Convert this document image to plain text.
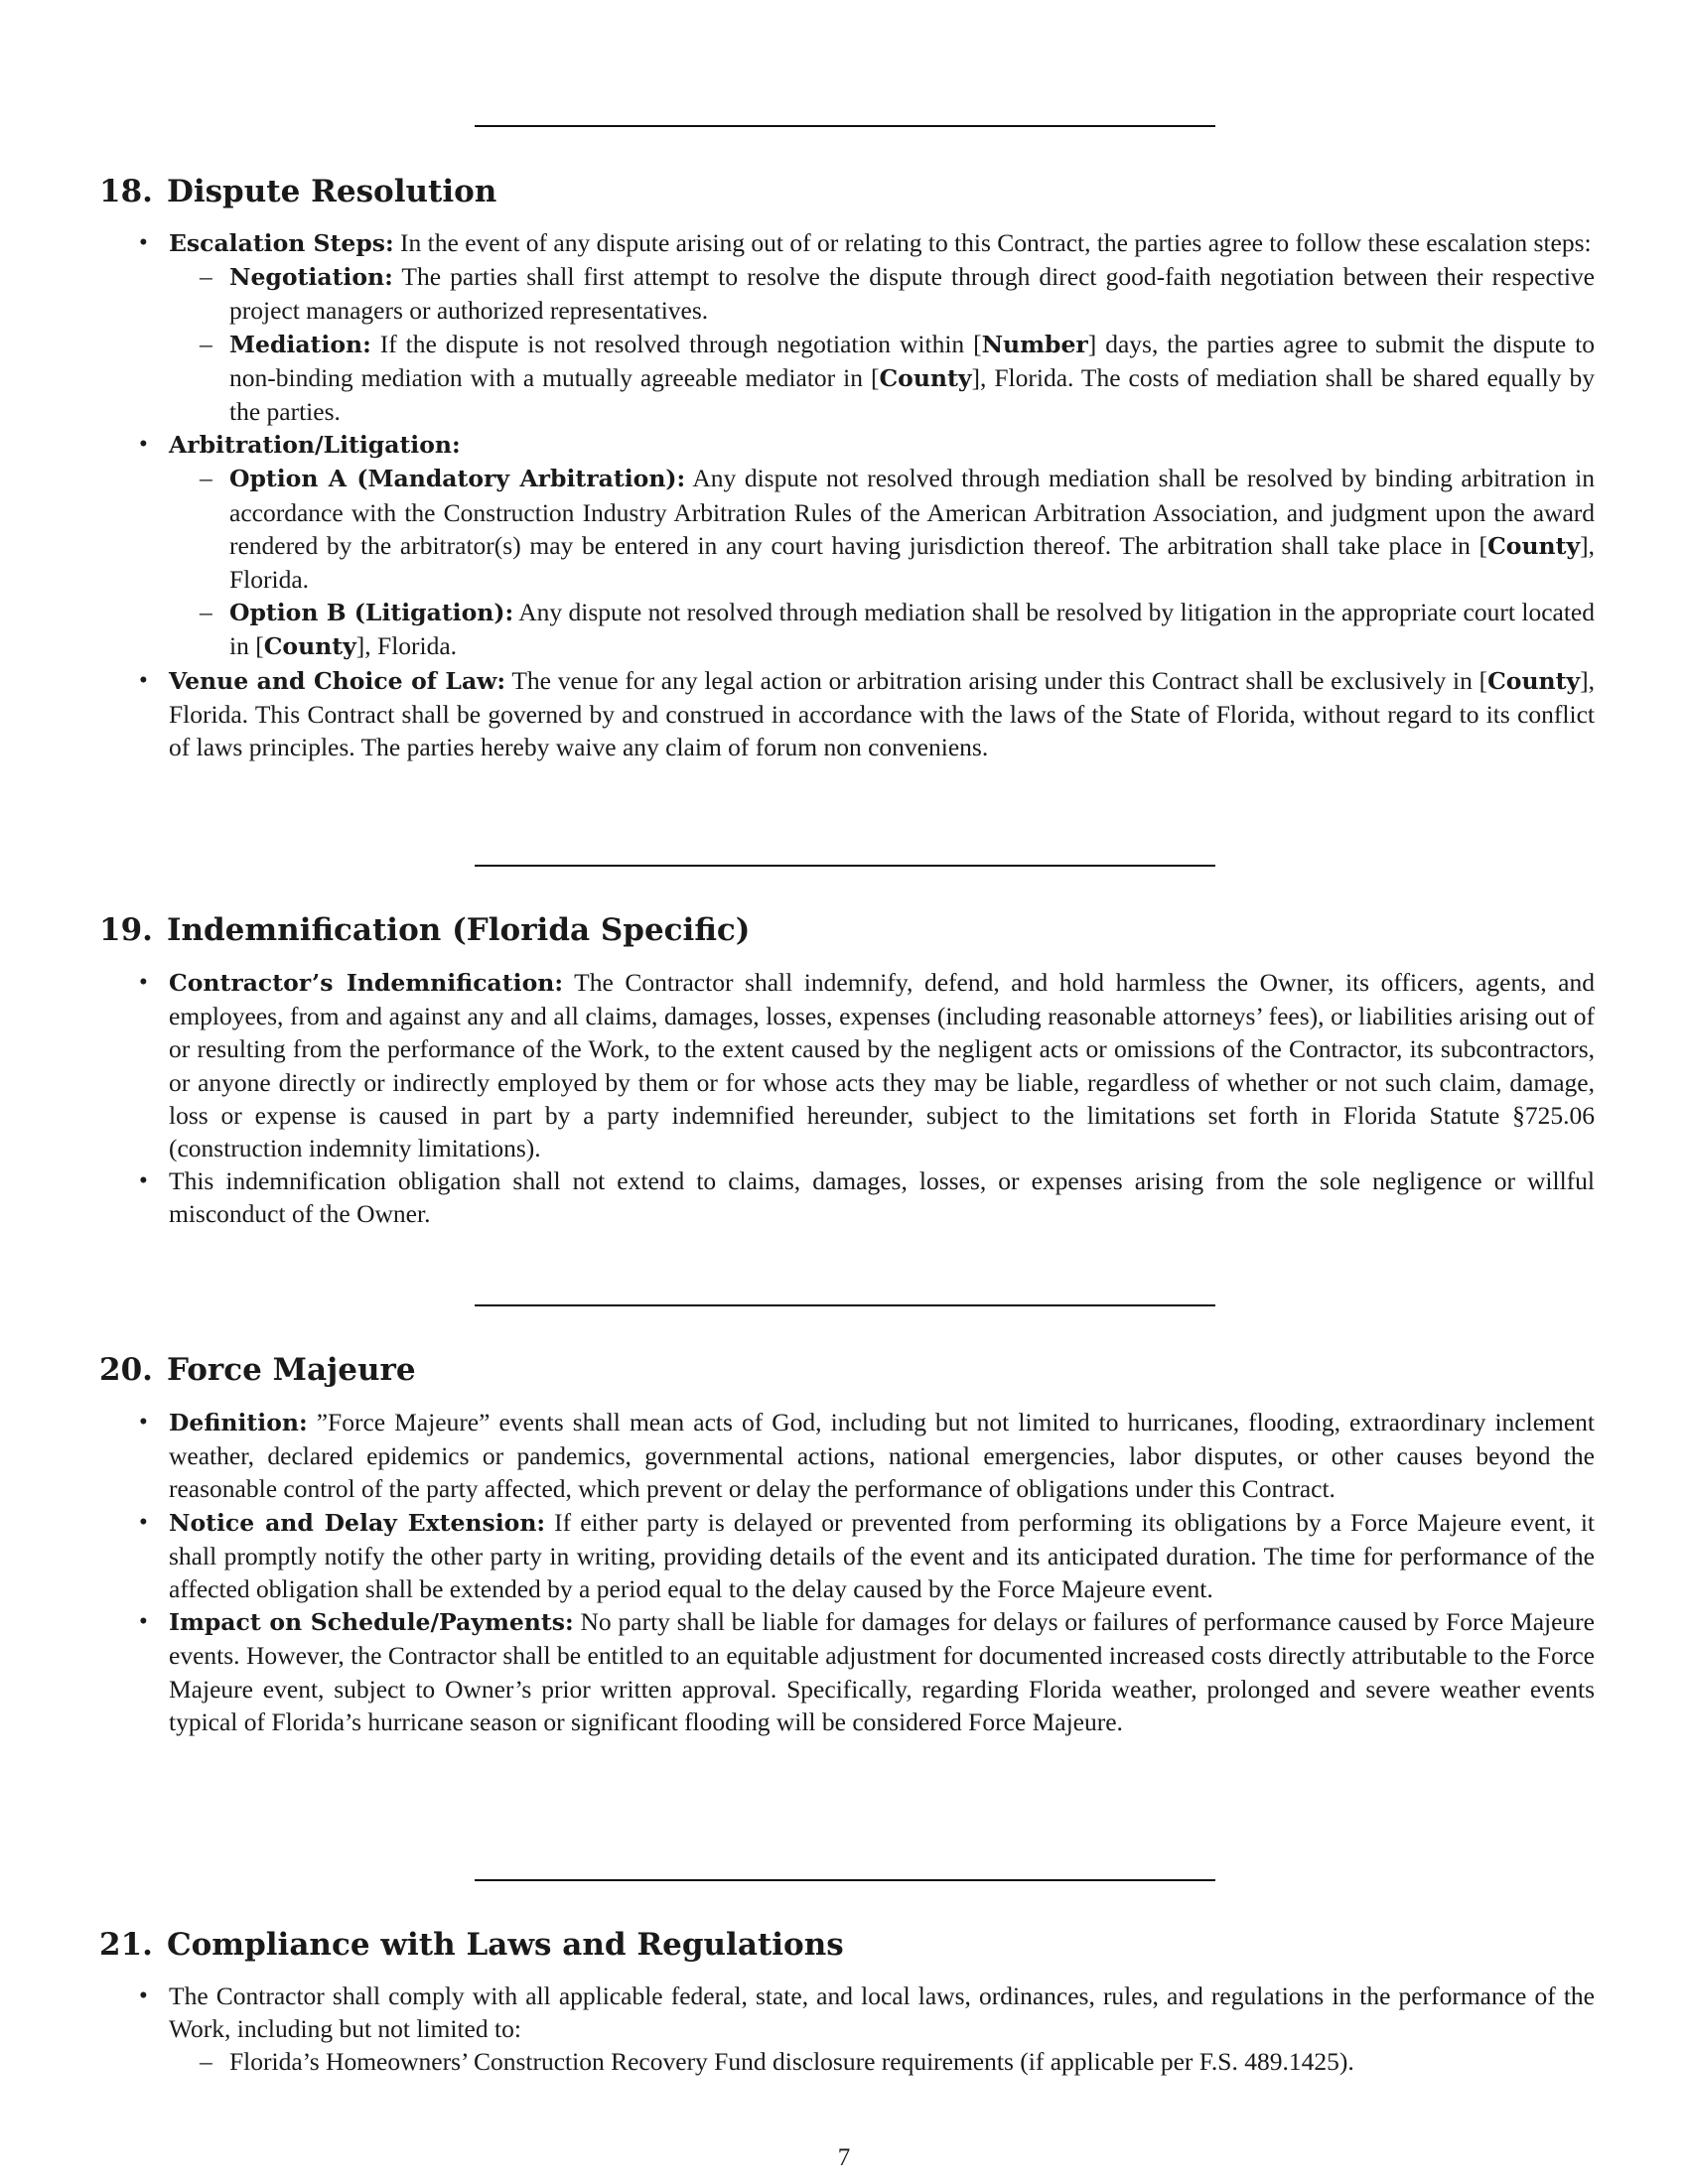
18. Dispute Resolution
• Escalation Steps: In the event of any dispute arising out of or relating to this Contract, the parties agree to follow these escalation steps:
– Negotiation: The parties shall first attempt to resolve the dispute through direct good-faith negotiation between their respective project managers or authorized representatives.
– Mediation: If the dispute is not resolved through negotiation within [Number] days, the parties agree to submit the dispute to non-binding mediation with a mutually agreeable mediator in [County], Florida. The costs of mediation shall be shared equally by the parties.
• Arbitration/Litigation:
– Option A (Mandatory Arbitration): Any dispute not resolved through mediation shall be resolved by binding arbitration in accordance with the Construction Industry Arbitration Rules of the American Arbitration Association, and judgment upon the award rendered by the arbitrator(s) may be entered in any court having jurisdiction thereof. The arbitration shall take place in [County], Florida.
– Option B (Litigation): Any dispute not resolved through mediation shall be resolved by litigation in the appropriate court located in [County], Florida.
• Venue and Choice of Law: The venue for any legal action or arbitration arising under this Contract shall be exclusively in [County], Florida. This Contract shall be governed by and construed in accordance with the laws of the State of Florida, without regard to its conflict of laws principles. The parties hereby waive any claim of forum non conveniens.
19. Indemnification (Florida Specific)
• Contractor’s Indemnification: The Contractor shall indemnify, defend, and hold harmless the Owner, its officers, agents, and employees, from and against any and all claims, damages, losses, expenses (including reasonable attorneys’ fees), or liabilities arising out of or resulting from the performance of the Work, to the extent caused by the negligent acts or omissions of the Contractor, its subcontractors, or anyone directly or indirectly employed by them or for whose acts they may be liable, regardless of whether or not such claim, damage, loss or expense is caused in part by a party indemnified hereunder, subject to the limitations set forth in Florida Statute §725.06 (construction indemnity limitations).
• This indemnification obligation shall not extend to claims, damages, losses, or expenses arising from the sole negligence or willful misconduct of the Owner.
20. Force Majeure
• Definition: ”Force Majeure” events shall mean acts of God, including but not limited to hurricanes, flooding, extraordinary inclement weather, declared epidemics or pandemics, governmental actions, national emergencies, labor disputes, or other causes beyond the reasonable control of the party affected, which prevent or delay the performance of obligations under this Contract.
• Notice and Delay Extension: If either party is delayed or prevented from performing its obligations by a Force Majeure event, it shall promptly notify the other party in writing, providing details of the event and its anticipated duration. The time for performance of the affected obligation shall be extended by a period equal to the delay caused by the Force Majeure event.
• Impact on Schedule/Payments: No party shall be liable for damages for delays or failures of performance caused by Force Majeure events. However, the Contractor shall be entitled to an equitable adjustment for documented increased costs directly attributable to the Force Majeure event, subject to Owner’s prior written approval. Specifically, regarding Florida weather, prolonged and severe weather events typical of Florida’s hurricane season or significant flooding will be considered Force Majeure.
21. Compliance with Laws and Regulations
• The Contractor shall comply with all applicable federal, state, and local laws, ordinances, rules, and regulations in the performance of the Work, including but not limited to:
– Florida’s Homeowners’ Construction Recovery Fund disclosure requirements (if applicable per F.S. 489.1425).
7
